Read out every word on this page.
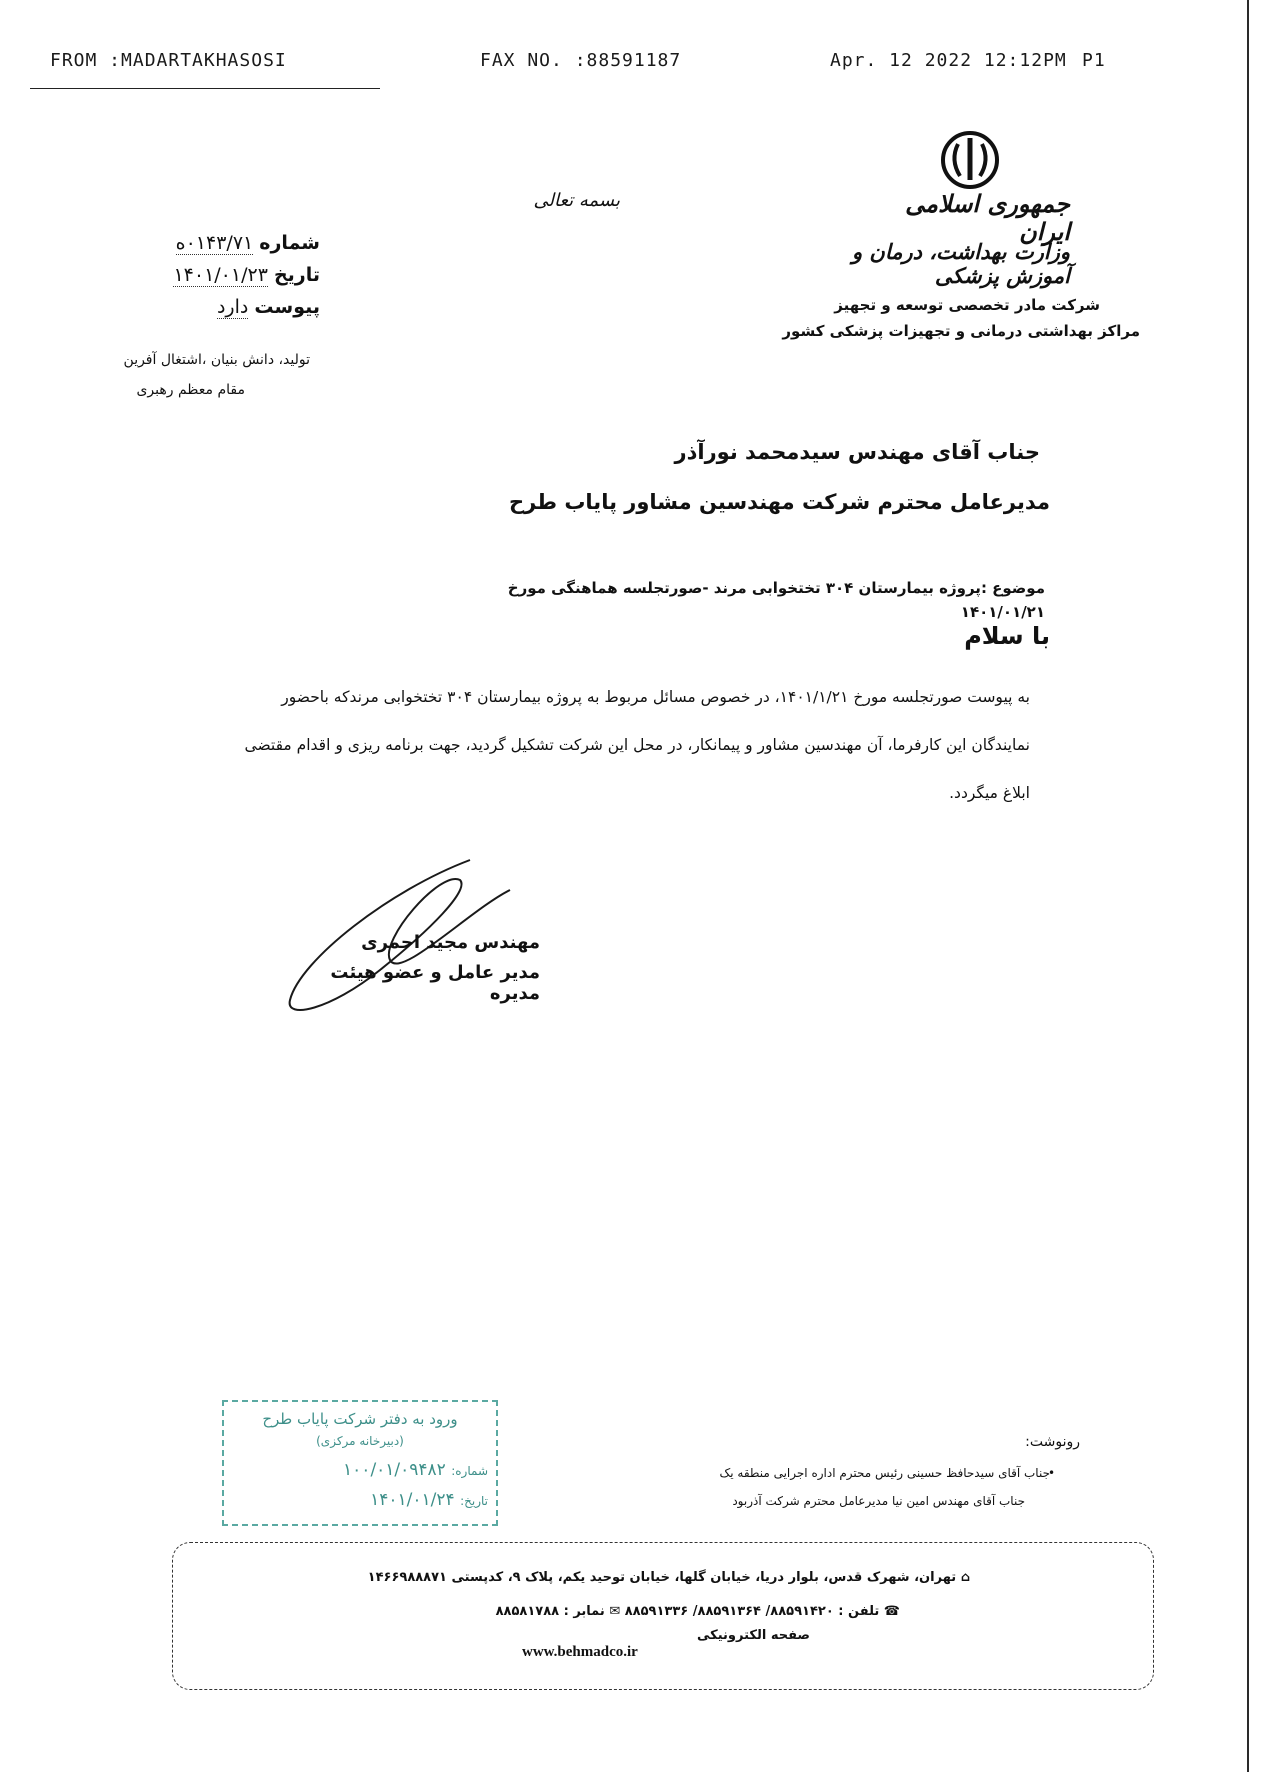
FROM :MADARTAKHASOSI	FAX NO. :88591187	Apr. 12 2022 12:12PM P1
بسمه تعالی	جمهوری اسلامی ایران
وزارت بهداشت، درمان و آموزش پزشکی
شرکت مادر تخصصی توسعه و تجهیز
مراکز بهداشتی درمانی و تجهیزات پزشکی کشور
شماره ۰۱۴۳/۷۱ه
تاریخ ۱۴۰۱/۰۱/۲۳
پیوست دارد
تولید، دانش بنیان ،اشتغال آفرین
مقام معظم رهبری
جناب آقای مهندس سیدمحمد نورآذر
مدیرعامل محترم شرکت مهندسین مشاور پایاب طرح
موضوع :پروژه بیمارستان ۳۰۴ تختخوابی مرند -صورتجلسه هماهنگی مورخ ۱۴۰۱/۰۱/۲۱
با سلام
به پیوست صورتجلسه مورخ ۱۴۰۱/۱/۲۱، در خصوص مسائل مربوط به پروژه بیمارستان ۳۰۴ تختخوابی مرندکه باحضور
نمایندگان این کارفرما، آن مهندسین مشاور و پیمانکار، در محل این شرکت تشکیل گردید، جهت برنامه ریزی و اقدام مقتضی
ابلاغ میگردد.
مهندس مجید احمری
مدیر عامل و عضو هیئت مدیره
ورود به دفتر شرکت پایاب طرح
(دبیرخانه مرکزی)
شماره: ۱۰۰/۰۱/۰۹۴۸۲
تاریخ: ۱۴۰۱/۰۱/۲۴
رونوشت:
جناب آقای سیدحافظ حسینی رئیس محترم اداره اجرایی منطقه یک
•
جناب آقای مهندس امین نیا مدیرعامل محترم شرکت آذربود
⌂ تهران، شهرک قدس، بلوار دریا، خیابان گلها، خیابان توحید یکم، پلاک ۹، کدپستی ۱۴۶۶۹۸۸۸۷۱
☎ تلفن : ۸۸۵۹۱۴۲۰/ ۸۸۵۹۱۳۶۴/ ۸۸۵۹۱۳۳۶ ✉ نمابر : ۸۸۵۸۱۷۸۸
صفحه الکترونیکی
www.behmadco.ir
